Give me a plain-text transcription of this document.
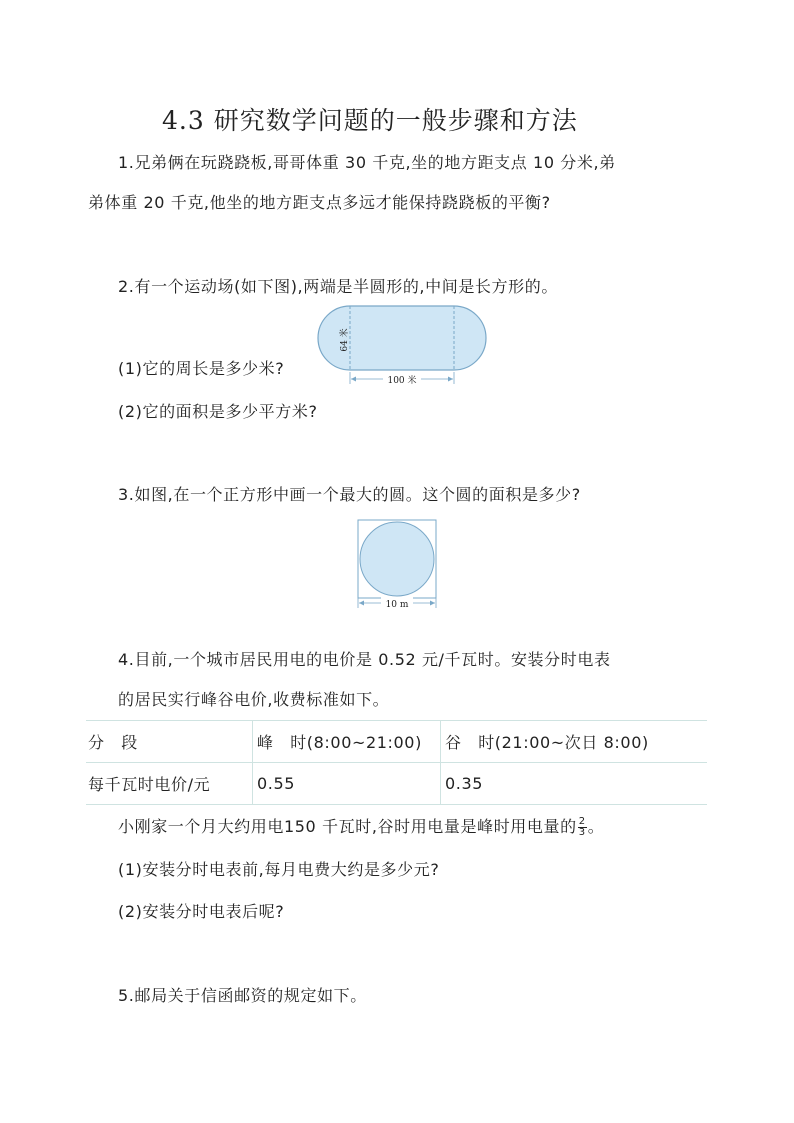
4.3 研究数学问题的一般步骤和方法
1.兄弟俩在玩跷跷板,哥哥体重 30 千克,坐的地方距支点 10 分米,弟
弟体重 20 千克,他坐的地方距支点多远才能保持跷跷板的平衡?
2.有一个运动场(如下图),两端是半圆形的,中间是长方形的。
100 米
64 米
(1)它的周长是多少米?
(2)它的面积是多少平方米?
3.如图,在一个正方形中画一个最大的圆。这个圆的面积是多少?
10 m
4.目前,一个城市居民用电的电价是 0.52 元/千瓦时。安装分时电表
的居民实行峰谷电价,收费标准如下。
分　段	峰　时(8:00~21:00)	谷　时(21:00~次日 8:00)
每千瓦时电价/元	0.55	0.35
小刚家一个月大约用电150 千瓦时,谷时用电量是峰时用电量的 $\frac{2}{3}$ 。
(1)安装分时电表前,每月电费大约是多少元?
(2)安装分时电表后呢?
5.邮局关于信函邮资的规定如下。
